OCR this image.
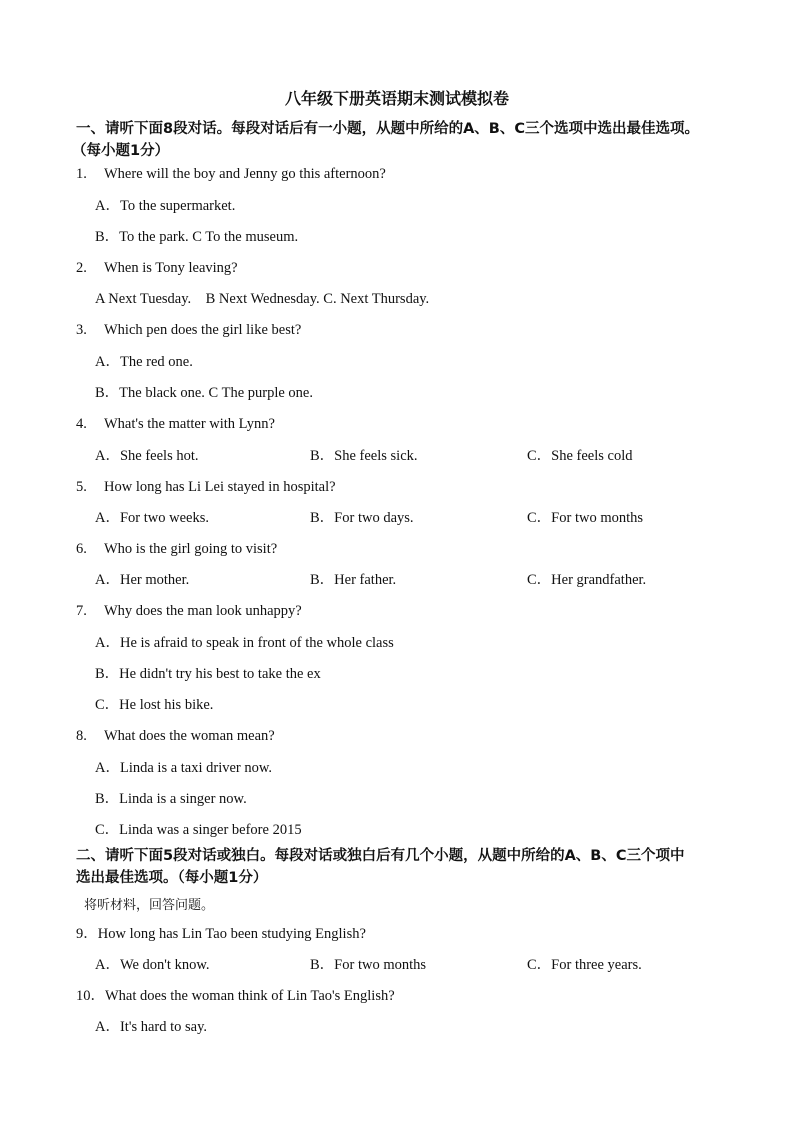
八年级下册英语期末测试模拟卷
一、请听下面8段对话。每段对话后有一小题，从题中所给的A、B、C三个选项中选出最佳选项。
（每小题1分）
1. Where will the boy and Jenny go this afternoon?
A．To the supermarket.
B．To the park. C To the museum.
2. When is Tony leaving?
A Next Tuesday.    B Next Wednesday. C. Next Thursday.
3. Which pen does the girl like best?
A．The red one.
B．The black one. C The purple one.
4. What's the matter with Lynn?
A．She feels hot.	B．She feels sick.	C．She feels cold
5. How long has Li Lei stayed in hospital?
A．For two weeks.	B．For two days.	C．For two months
6. Who is the girl going to visit?
A．Her mother.	B．Her father.	C．Her grandfather.
7. Why does the man look unhappy?
A．He is afraid to speak in front of the whole class
B．He didn't try his best to take the ex
C．He lost his bike.
8. What does the woman mean?
A．Linda is a taxi driver now.
B．Linda is a singer now.
C．Linda was a singer before 2015
二、请听下面5段对话或独白。每段对话或独白后有几个小题，从题中所给的A、B、C三个项中
选出最佳选项。（每小题1分）
将听材料，回答问题。
9．How long has Lin Tao been studying English?
A．We don't know.	B．For two months	C．For three years.
10．What does the woman think of Lin Tao's English?
A．It's hard to say.
